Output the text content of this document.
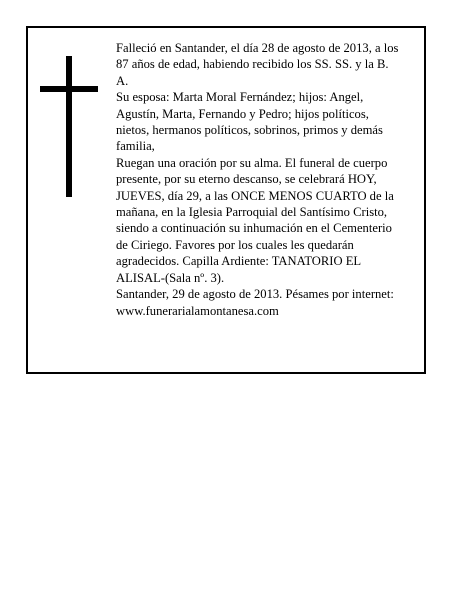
Falleció en Santander, el día 28 de agosto de 2013, a los

87 años de edad, habiendo recibido los SS. SS. y la B.

A.

Su esposa: Marta Moral Fernández; hijos: Angel,

Agustín, Marta, Fernando y Pedro; hijos políticos,

nietos, hermanos políticos, sobrinos, primos y demás

familia,

Ruegan una oración por su alma. El funeral de cuerpo

presente, por su eterno descanso, se celebrará HOY,

JUEVES, día 29, a las ONCE MENOS CUARTO de la

mañana, en la Iglesia Parroquial del Santísimo Cristo,

siendo a continuación su inhumación en el Cementerio

de Ciriego. Favores por los cuales les quedarán

agradecidos. Capilla Ardiente: TANATORIO EL

ALISAL-(Sala nº. 3).

Santander, 29 de agosto de 2013. Pésames por internet:

www.funerarialamontanesa.com
